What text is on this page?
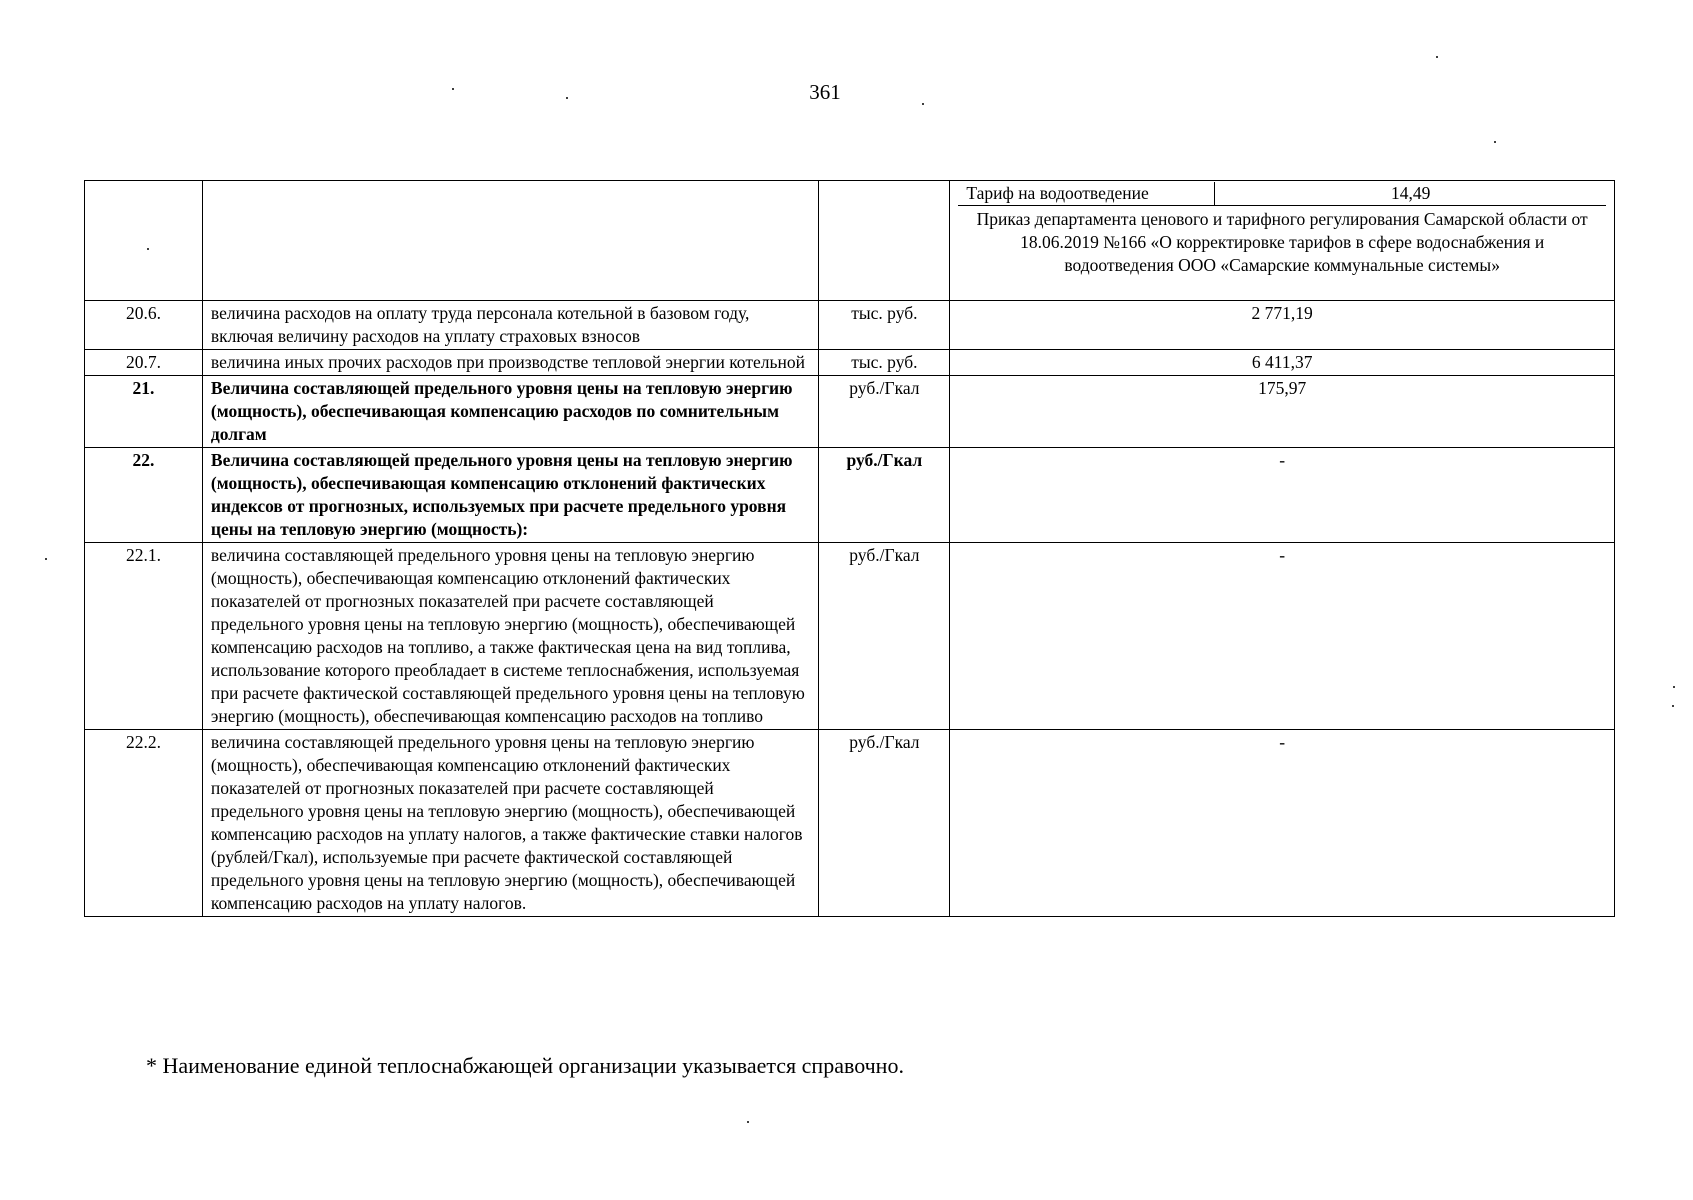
361

			Тариф на водоотведение 14,49
Приказ департамента ценового и тарифного регулирования Самарской области от 18.06.2019 №166 «О корректировке тарифов в сфере водоснабжения и водоотведения ООО «Самарские коммунальные системы»

20.6.	величина расходов на оплату труда персонала котельной в базовом году, включая величину расходов на уплату страховых взносов	тыс. руб.	2 771,19
20.7.	величина иных прочих расходов при производстве тепловой энергии котельной	тыс. руб.	6 411,37
21.	Величина составляющей предельного уровня цены на тепловую энергию (мощность), обеспечивающая компенсацию расходов по сомнительным долгам	руб./Гкал	175,97
22.	Величина составляющей предельного уровня цены на тепловую энергию (мощность), обеспечивающая компенсацию отклонений фактических индексов от прогнозных, используемых при расчете предельного уровня цены на тепловую энергию (мощность):	руб./Гкал	-
22.1.	величина составляющей предельного уровня цены на тепловую энергию (мощность), обеспечивающая компенсацию отклонений фактических показателей от прогнозных показателей при расчете составляющей предельного уровня цены на тепловую энергию (мощность), обеспечивающей компенсацию расходов на топливо, а также фактическая цена на вид топлива, использование которого преобладает в системе теплоснабжения, используемая при расчете фактической составляющей предельного уровня цены на тепловую энергию (мощность), обеспечивающая компенсацию расходов на топливо	руб./Гкал	-
22.2.	величина составляющей предельного уровня цены на тепловую энергию (мощность), обеспечивающая компенсацию отклонений фактических показателей от прогнозных показателей при расчете составляющей предельного уровня цены на тепловую энергию (мощность), обеспечивающей компенсацию расходов на уплату налогов, а также фактические ставки налогов (рублей/Гкал), используемые при расчете фактической составляющей предельного уровня цены на тепловую энергию (мощность), обеспечивающей компенсацию расходов на уплату налогов.	руб./Гкал	-
* Наименование единой теплоснабжающей организации указывается справочно.
